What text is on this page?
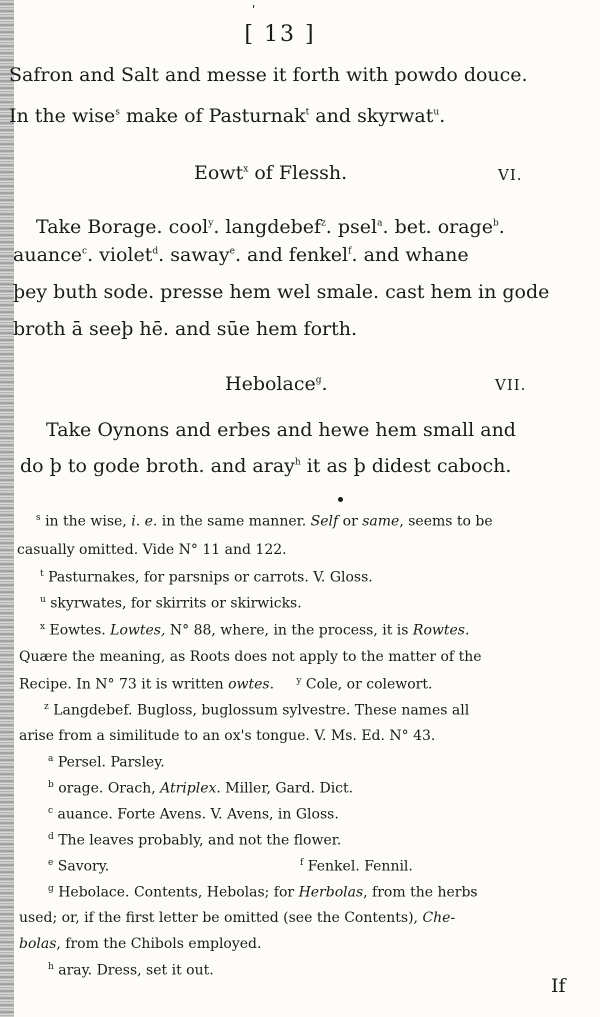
ʹ
[ 13 ]
Safron and Salt and messe it forth with powdo douce.
In the wise$^s$ make of Pasturnak$^t$ and skyrwat$^u$.
Eowt$^x$ of Flessh.	VI.
Take Borage. cool$^y$. langdebef$^z$. psel$^a$. bet. orage$^b$.
auance$^c$. violet$^d$. saway$^e$. and fenkel$^f$. and whane
þey buth sode. presse hem wel smale. cast hem in gode
broth ā seeþ hē. and sūe hem forth.
Hebolace$^g$.	VII.
Take Oynons and erbes and hewe hem small and
do þ to gode broth. and aray$^h$ it as þ didest caboch.
$^s$ in the wise, i. e. in the same manner. Self or same, seems to be
casually omitted. Vide N° 11 and 122.
$^t$ Pasturnakes, for parsnips or carrots. V. Gloss.
$^u$ skyrwates, for skirrits or skirwicks.
$^x$ Eowtes. Lowtes, N° 88, where, in the process, it is Rowtes.
Quære the meaning, as Roots does not apply to the matter of the
Recipe. In N° 73 it is written owtes. $^y$ Cole, or colewort.
$^z$ Langdebef. Bugloss, buglossum sylvestre. These names all
arise from a similitude to an ox's tongue. V. Ms. Ed. N° 43.
$^a$ Persel. Parsley.
$^b$ orage. Orach, Atriplex. Miller, Gard. Dict.
$^c$ auance. Forte Avens. V. Avens, in Gloss.
$^d$ The leaves probably, and not the flower.
$^e$ Savory.	$^f$ Fenkel. Fennil.
$^g$ Hebolace. Contents, Hebolas; for Herbolas, from the herbs
used; or, if the first letter be omitted (see the Contents), Che-
bolas, from the Chibols employed.
$^h$ aray. Dress, set it out.
If
